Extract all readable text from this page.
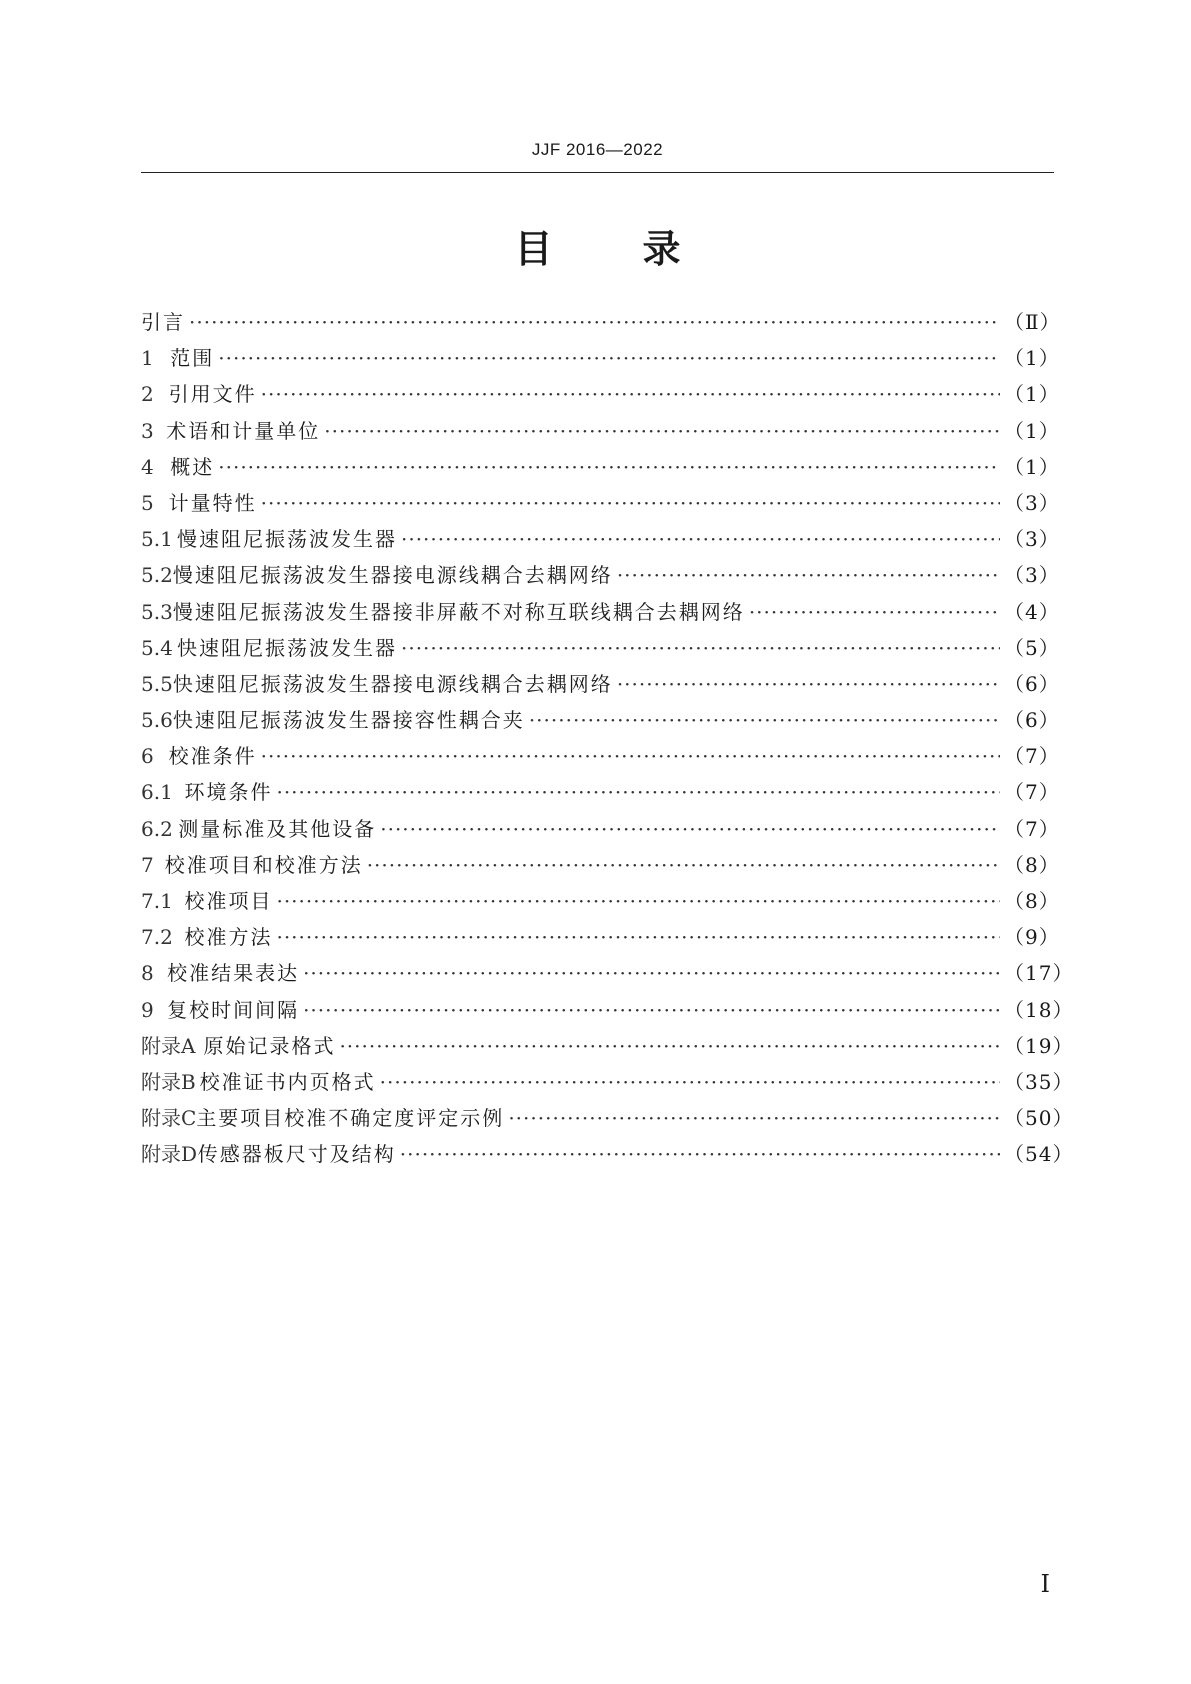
JJF 2016—2022
目 录
引言 ·····	（Ⅱ）
1 范围 ·····	（1）
2 引用文件 ·····	（1）
3 术语和计量单位 ·····	（1）
4 概述 ·····	（1）
5 计量特性 ·····	（3）
5.1 慢速阻尼振荡波发生器 ·····	（3）
5.2 慢速阻尼振荡波发生器接电源线耦合去耦网络 ·····	（3）
5.3 慢速阻尼振荡波发生器接非屏蔽不对称互联线耦合去耦网络 ·····	（4）
5.4 快速阻尼振荡波发生器 ·····	（5）
5.5 快速阻尼振荡波发生器接电源线耦合去耦网络 ·····	（6）
5.6 快速阻尼振荡波发生器接容性耦合夹 ·····	（6）
6 校准条件 ·····	（7）
6.1 环境条件 ·····	（7）
6.2 测量标准及其他设备 ·····	（7）
7 校准项目和校准方法 ·····	（8）
7.1 校准项目 ·····	（8）
7.2 校准方法 ·····	（9）
8 校准结果表达 ·····	（17）
9 复校时间间隔 ·····	（18）
附录A 原始记录格式 ·····	（19）
附录B 校准证书内页格式 ·····	（35）
附录C 主要项目校准不确定度评定示例 ·····	（50）
附录D 传感器板尺寸及结构 ·····	（54）
Ⅰ
